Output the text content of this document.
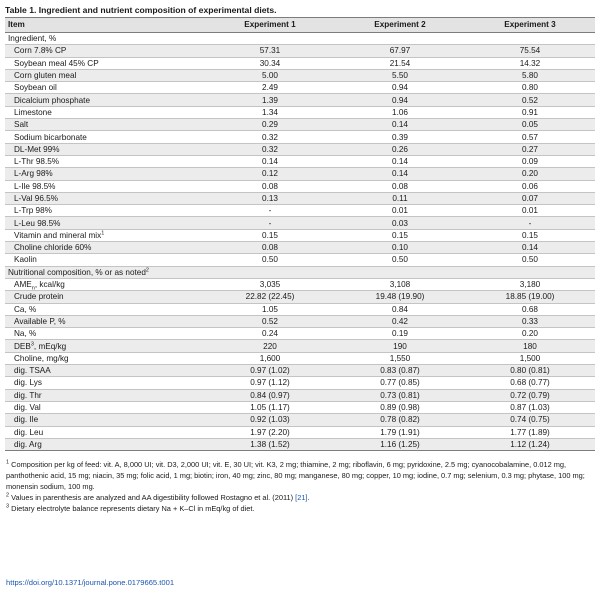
Table 1. Ingredient and nutrient composition of experimental diets.
Item	Experiment 1	Experiment 2	Experiment 3
Ingredient, %			
Corn 7.8% CP	57.31	67.97	75.54
Soybean meal 45% CP	30.34	21.54	14.32
Corn gluten meal	5.00	5.50	5.80
Soybean oil	2.49	0.94	0.80
Dicalcium phosphate	1.39	0.94	0.52
Limestone	1.34	1.06	0.91
Salt	0.29	0.14	0.05
Sodium bicarbonate	0.32	0.39	0.57
DL-Met 99%	0.32	0.26	0.27
L-Thr 98.5%	0.14	0.14	0.09
L-Arg 98%	0.12	0.14	0.20
L-Ile 98.5%	0.08	0.08	0.06
L-Val 96.5%	0.13	0.11	0.07
L-Trp 98%	-	0.01	0.01
L-Leu 98.5%	-	0.03	-
Vitamin and mineral mix$^1$	0.15	0.15	0.15
Choline chloride 60%	0.08	0.10	0.14
Kaolin	0.50	0.50	0.50
Nutritional composition, % or as noted$^2$
$AME_n$, kcal/kg	3,035	3,108	3,180
Crude protein	22.82 (22.45)	19.48 (19.90)	18.85 (19.00)
Ca, %	1.05	0.84	0.68
Available P, %	0.52	0.42	0.33
Na, %	0.24	0.19	0.20
DEB$^3$, mEq/kg	220	190	180
Choline, mg/kg	1,600	1,550	1,500
dig. TSAA	0.97 (1.02)	0.83 (0.87)	0.80 (0.81)
dig. Lys	0.97 (1.12)	0.77 (0.85)	0.68 (0.77)
dig. Thr	0.84 (0.97)	0.73 (0.81)	0.72 (0.79)
dig. Val	1.05 (1.17)	0.89 (0.98)	0.87 (1.03)
dig. Ile	0.92 (1.03)	0.78 (0.82)	0.74 (0.75)
dig. Leu	1.97 (2.20)	1.79 (1.91)	1.77 (1.89)
dig. Arg	1.38 (1.52)	1.16 (1.25)	1.12 (1.24)

$^1$ Composition per kg of feed: vit. A, 8,000 UI; vit. D3, 2,000 UI; vit. E, 30 UI; vit. K3, 2 mg; thiamine, 2 mg; riboflavin, 6 mg; pyridoxine, 2.5 mg; cyanocobalamine, 0.012 mg, panthothenic acid, 15 mg; niacin, 35 mg; folic acid, 1 mg; biotin; iron, 40 mg; zinc, 80 mg; manganese, 80 mg; copper, 10 mg; iodine, 0.7 mg; selenium, 0.3 mg; phytase, 100 mg; monensin sodium, 100 mg.

$^2$ Values in parenthesis are analyzed and AA digestibility followed Rostagno et al. (2011) [21].

$^3$ Dietary electrolyte balance represents dietary Na + K–Cl in mEq/kg of diet.

https://doi.org/10.1371/journal.pone.0179665.t001
